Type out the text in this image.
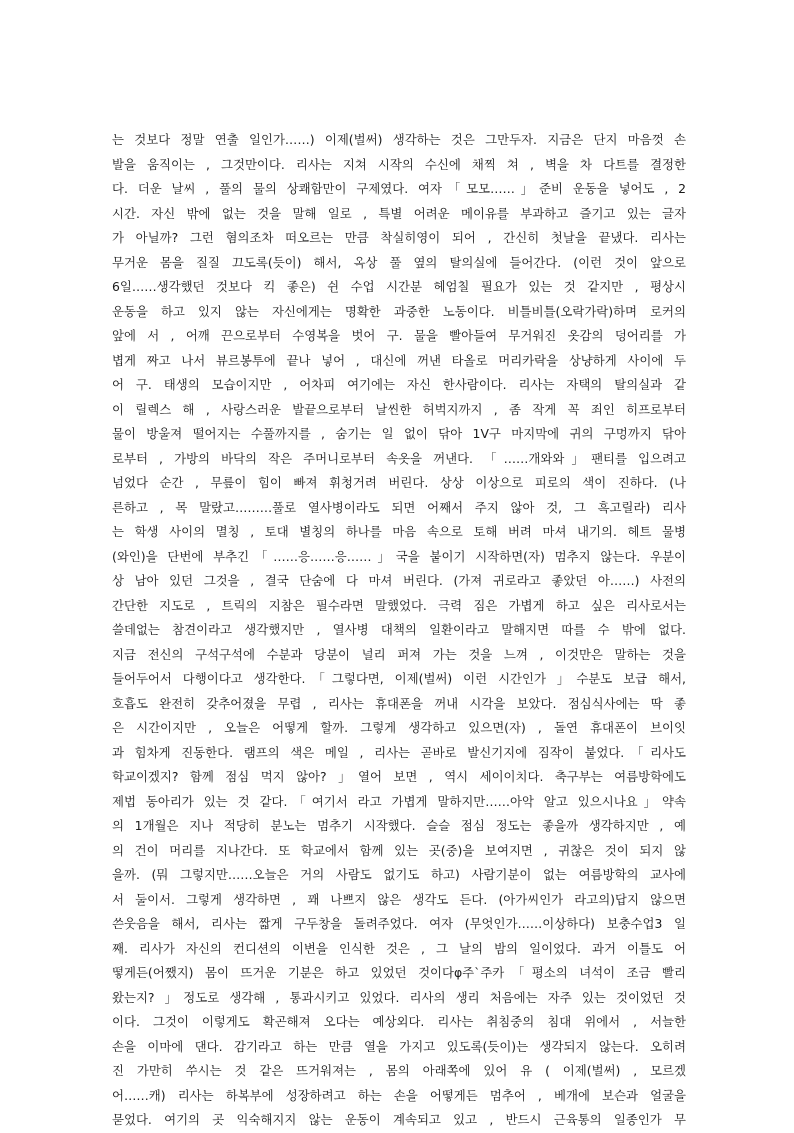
는 것보다 정말 연출 일인가……) 이제(벌써) 생각하는 것은 그만두자. 지금은 단지 마음껏 손
발을 움직이는 , 그것만이다. 리사는 지쳐 시작의 수신에 채찍 쳐 , 벽을 차 다트를 결정한
다. 더운 날씨 , 풀의 물의 상쾌함만이 구제였다. 여자「모모……」준비 운동을 넣어도 , 2
시간. 자신 밖에 없는 것을 말해 일로 , 특별 어려운 메이유를 부과하고 즐기고 있는 글자
가 아닐까? 그런 혐의조차 떠오르는 만큼 착실히영이 되어 , 간신히 첫날을 끝냈다. 리사는
무거운 몸을 질질 끄도록(듯이) 해서, 옥상 풀 옆의 탈의실에 들어간다. (이런 것이 앞으로
6일……생각했던 것보다 킥 좋은) 쉰 수업 시간분 헤엄칠 필요가 있는 것 같지만 , 평상시
운동을 하고 있지 않는 자신에게는 명확한 과중한 노동이다. 비틀비틀(오락가락)하며 로커의
앞에 서 , 어깨 끈으로부터 수영복을 벗어 구. 물을 빨아들여 무거워진 옷감의 덩어리를 가
볍게 짜고 나서 뷰르봉투에 끝나 넣어 , 대신에 꺼낸 타올로 머리카락을 상냥하게 사이에 두
어 구. 태생의 모습이지만 , 어차피 여기에는 자신 한사람이다. 리사는 자택의 탈의실과 같
이 릴렉스 해 , 사랑스러운 발끝으로부터 날씬한 허벅지까지 , 좀 작게 꼭 죄인 히프로부터
물이 방울져 떨어지는 수풀까지를 , 숨기는 일 없이 닦아 1V구 마지막에 귀의 구멍까지 닦아
로부터 , 가방의 바닥의 작은 주머니로부터 속옷을 꺼낸다. 「……개와와」팬티를 입으려고
넘었다 순간 , 무릎이 힘이 빠져 휘청거려 버린다. 상상 이상으로 피로의 색이 진하다. (나
른하고 , 목 말랐고………풀로 열사병이라도 되면 어째서 주지 않아 것, 그 흑고릴라) 리사
는 학생 사이의 멸칭 , 토대 별칭의 하나를 마음 속으로 토해 버려 마셔 내기의. 헤트 물병
(와인)을 단번에 부추긴「……응……응……」국을 붙이기 시작하면(자) 멈추지 않는다. 우분이
상 남아 있던 그것을 , 결국 단숨에 다 마셔 버린다. (가져 귀로라고 좋았던 아……) 사전의
간단한 지도로 , 트릭의 지참은 필수라면 말했었다. 극력 짐은 가볍게 하고 싶은 리사로서는
쓸데없는 참견이라고 생각했지만 , 열사병 대책의 일환이라고 말해지면 따를 수 밖에 없다.
지금 전신의 구석구석에 수분과 당분이 널리 퍼져 가는 것을 느껴 , 이것만은 말하는 것을
들어두어서 다행이다고 생각한다.「그렇다면, 이제(벌써) 이런 시간인가 」수분도 보급 해서,
호흡도 완전히 갖추어졌을 무렵 , 리사는 휴대폰을 꺼내 시각을 보았다. 점심식사에는 딱 좋
은 시간이지만 , 오늘은 어떻게 할까. 그렇게 생각하고 있으면(자) , 돌연 휴대폰이 브이잇
과 힘차게 진동한다. 램프의 색은 메일 , 리사는 곧바로 발신기지에 짐작이 붙었다.「리사도
학교이겠지? 함께 점심 먹지 않아? 」열어 보면 , 역시 세이이치다. 축구부는 여름방학에도
제법 동아리가 있는 것 같다.「여기서 라고 가볍게 말하지만……아악 알고 있으시나요」약속
의 1개월은 지나 적당히 분노는 멈추기 시작했다. 슬슬 점심 정도는 좋을까 생각하지만 , 예
의 건이 머리를 지나간다. 또 학교에서 함께 있는 곳(중)을 보여지면 , 귀찮은 것이 되지 않
을까. (뭐 그렇지만……오늘은 거의 사람도 없기도 하고) 사람기분이 없는 여름방학의 교사에
서 둘이서. 그렇게 생각하면 , 꽤 나쁘지 않은 생각도 든다. (아가씨인가 라고의)답지 않으면
쓴웃음을 해서, 리사는 짧게 구두창을 돌려주었다. 여자 (무엇인가……이상하다) 보충수업3 일
째. 리사가 자신의 컨디션의 이변을 인식한 것은 , 그 날의 밤의 일이었다. 과거 이틀도 어
떻게든(어쨌지) 몸이 뜨거운 기분은 하고 있었던 것이다φ주`주카「평소의 녀석이 조금 빨리
왔는지? 」정도로 생각해 , 통과시키고 있었다. 리사의 생리 처음에는 자주 있는 것이었던 것
이다. 그것이 이렇게도 확곤해져 오다는 예상외다. 리사는 취침중의 침대 위에서 , 서늘한
손을 이마에 댄다. 감기라고 하는 만큼 열을 가지고 있도록(듯이)는 생각되지 않는다. 오히려
진 가만히 쑤시는 것 같은 뜨거워져는 , 몸의 아래쪽에 있어 유 ( 이제(벌써) , 모르겠
어……캐) 리사는 하복부에 성장하려고 하는 손을 어떻게든 멈추어 , 베개에 보슨과 얼굴을
묻었다. 여기의 곳 익숙해지지 않는 운동이 계속되고 있고 , 반드시 근육통의 일종인가 무
